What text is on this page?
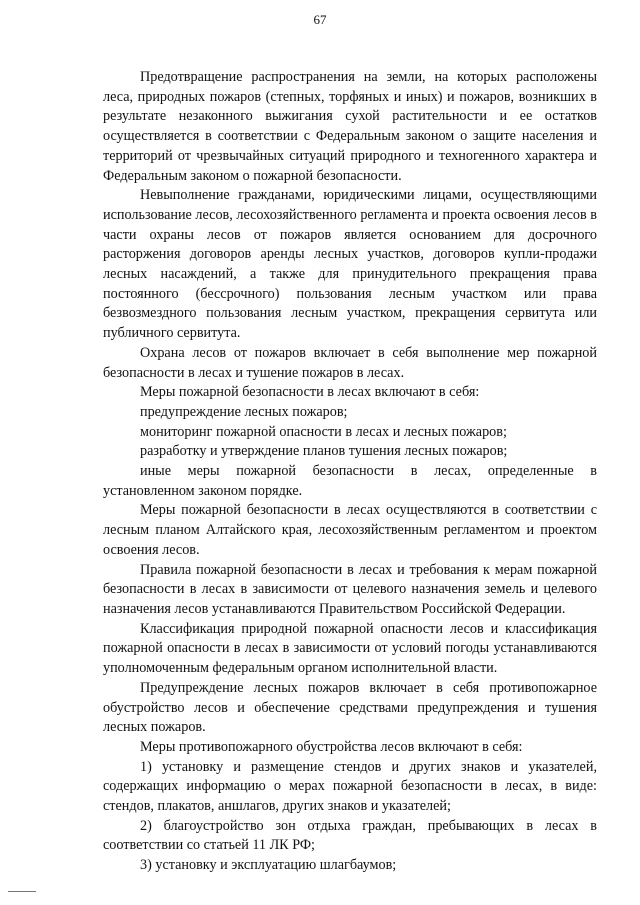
67

Предотвращение распространения на земли, на которых расположены леса, природных пожаров (степных, торфяных и иных) и пожаров, возникших в результате незаконного выжигания сухой растительности и ее остатков осуществляется в соответствии с Федеральным законом о защите населения и территорий от чрезвычайных ситуаций природного и техногенного характера и Федеральным законом о пожарной безопасности.

Невыполнение гражданами, юридическими лицами, осуществляющими использование лесов, лесохозяйственного регламента и проекта освоения лесов в части охраны лесов от пожаров является основанием для досрочного расторжения договоров аренды лесных участков, договоров купли-продажи лесных насаждений, а также для принудительного прекращения права постоянного (бессрочного) пользования лесным участком или права безвозмездного пользования лесным участком, прекращения сервитута или публичного сервитута.

Охрана лесов от пожаров включает в себя выполнение мер пожарной безопасности в лесах и тушение пожаров в лесах.

Меры пожарной безопасности в лесах включают в себя:

предупреждение лесных пожаров;

мониторинг пожарной опасности в лесах и лесных пожаров;

разработку и утверждение планов тушения лесных пожаров;

иные меры пожарной безопасности в лесах, определенные в установленном законом порядке.

Меры пожарной безопасности в лесах осуществляются в соответствии с лесным планом Алтайского края, лесохозяйственным регламентом и проектом освоения лесов.

Правила пожарной безопасности в лесах и требования к мерам пожарной безопасности в лесах в зависимости от целевого назначения земель и целевого назначения лесов устанавливаются Правительством Российской Федерации.

Классификация природной пожарной опасности лесов и классификация пожарной опасности в лесах в зависимости от условий погоды устанавливаются уполномоченным федеральным органом исполнительной власти.

Предупреждение лесных пожаров включает в себя противопожарное обустройство лесов и обеспечение средствами предупреждения и тушения лесных пожаров.

Меры противопожарного обустройства лесов включают в себя:

1) установку и размещение стендов и других знаков и указателей, содержащих информацию о мерах пожарной безопасности в лесах, в виде: стендов, плакатов, аншлагов, других знаков и указателей;

2) благоустройство зон отдыха граждан, пребывающих в лесах в соответствии со статьей 11 ЛК РФ;

3) установку и эксплуатацию шлагбаумов;
